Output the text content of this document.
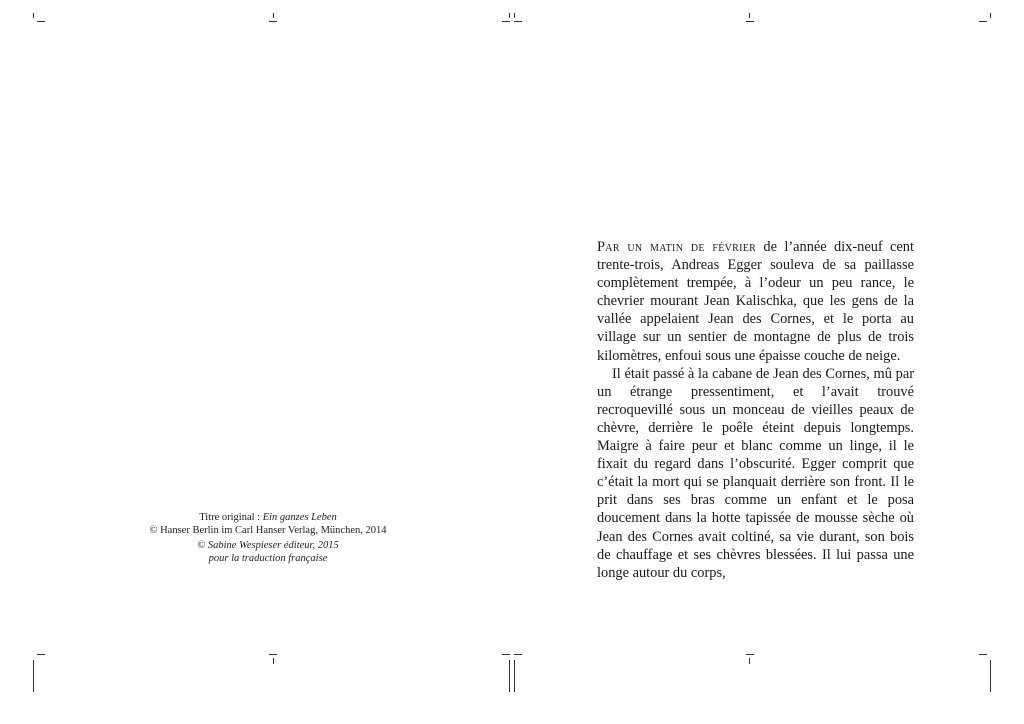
Titre original : Ein ganzes Leben
© Hanser Berlin im Carl Hanser Verlag, München, 2014
© Sabine Wespieser éditeur, 2015
pour la traduction française

Par un matin de février de l’année dix-neuf cent trente-trois, Andreas Egger souleva de sa paillasse complètement trempée, à l’odeur un peu rance, le chevrier mourant Jean Kalischka, que les gens de la vallée appelaient Jean des Cornes, et le porta au village sur un sentier de montagne de plus de trois kilomètres, enfoui sous une épaisse couche de neige.

Il était passé à la cabane de Jean des Cornes, mû par un étrange pressentiment, et l’avait trouvé recroquevillé sous un monceau de vieilles peaux de chèvre, derrière le poêle éteint depuis longtemps. Maigre à faire peur et blanc comme un linge, il le fixait du regard dans l’obscurité. Egger comprit que c’était la mort qui se planquait derrière son front. Il le prit dans ses bras comme un enfant et le posa doucement dans la hotte tapissée de mousse sèche où Jean des Cornes avait coltiné, sa vie durant, son bois de chauffage et ses chèvres blessées. Il lui passa une longe autour du corps,
